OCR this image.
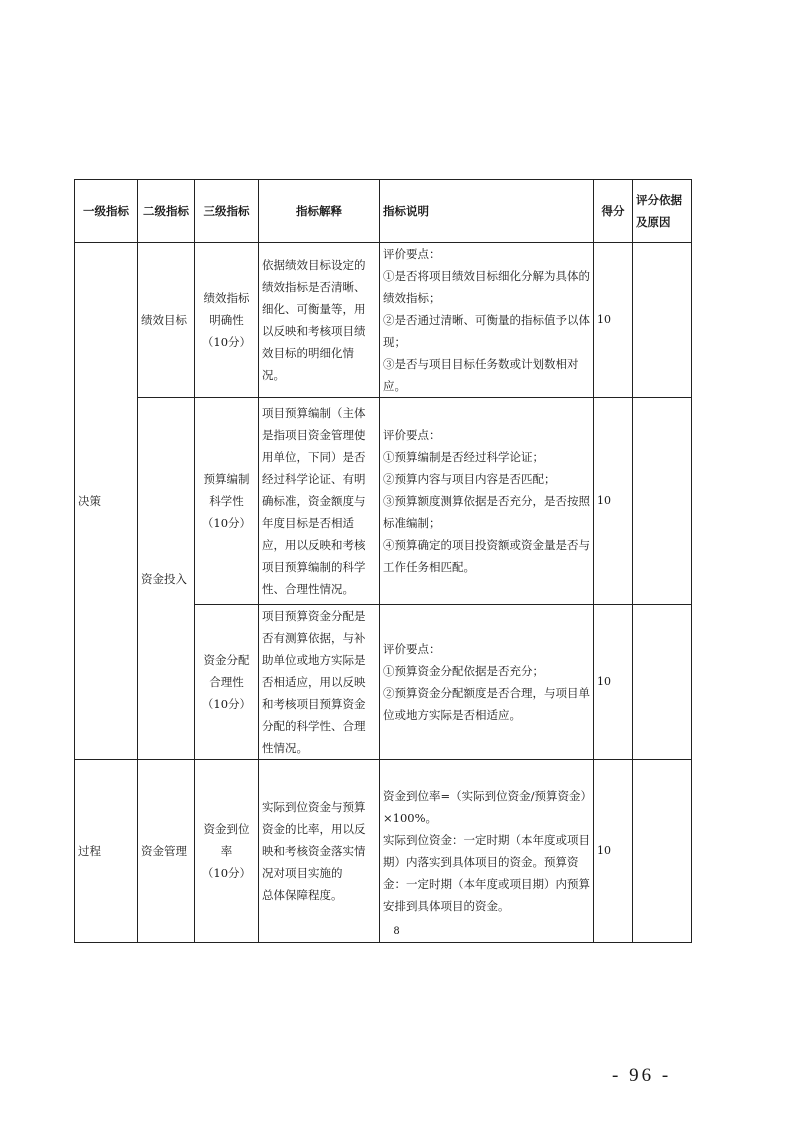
一级指标	二级指标	三级指标	指标解释	指标说明	得分	评分依据及原因
决策	绩效目标	绩效指标
明确性
（10分）	依据绩效目标设定的绩效指标是否清晰、细化、可衡量等，用以反映和考核项目绩效目标的明细化情况。	评价要点：
①是否将项目绩效目标细化分解为具体的绩效指标；
②是否通过清晰、可衡量的指标值予以体现；
③是否与项目目标任务数或计划数相对应。	10	
	资金投入	预算编制
科学性
（10分）	项目预算编制（主体是指项目资金管理使用单位，下同）是否经过科学论证、有明确标准，资金额度与年度目标是否相适应，用以反映和考核项目预算编制的科学性、合理性情况。	评价要点：
①预算编制是否经过科学论证；
②预算内容与项目内容是否匹配；
③预算额度测算依据是否充分，是否按照标准编制；
④预算确定的项目投资额或资金量是否与工作任务相匹配。	10	

		资金分配
合理性
（10分）	项目预算资金分配是否有测算依据，与补助单位或地方实际是否相适应，用以反映和考核项目预算资金分配的科学性、合理性情况。	评价要点：
①预算资金分配依据是否充分；
②预算资金分配额度是否合理，与项目单位或地方实际是否相适应。	10	
过程	资金管理	资金到位率
（10分）	实际到位资金与预算资金的比率，用以反映和考核资金落实情况对项目实施的
总体保障程度。	资金到位率=（实际到位资金/预算资金）×100%。
实际到位资金：一定时期（本年度或项目期）内落实到具体项目的资金。预算资金：一定时期（本年度或项目期）内预算安排到具体项目的资金。	10	
8
- 96 -
